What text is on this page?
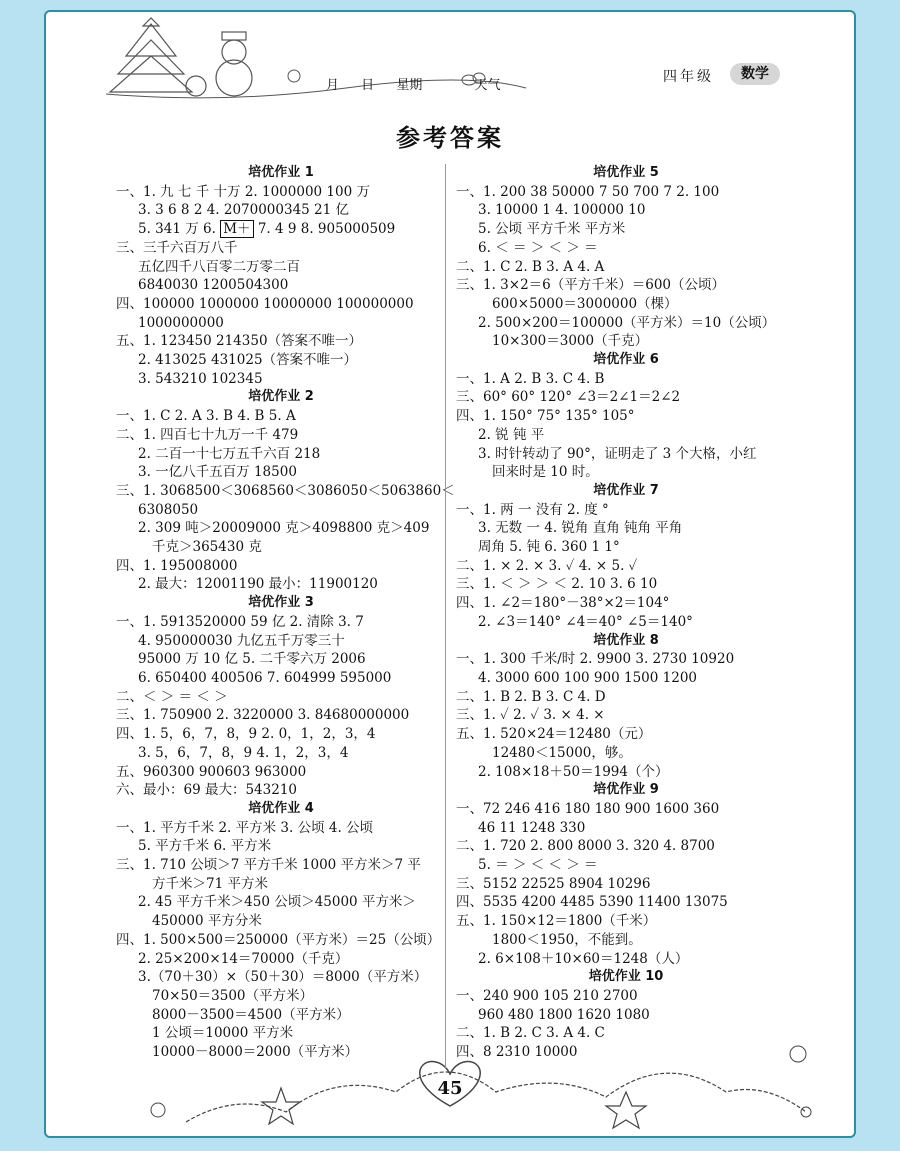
月 日 星期	天气
四年级	数学
参考答案
培优作业 1
一、1. 九 七 千 十万 2. 1000000 100 万
3. 3 6 8 2 4. 2070000345 21 亿
5. 341 万 6. M＋ 7. 4 9 8. 905000509
三、三千六百万八千
五亿四千八百零二万零二百
6840030 1200504300
四、100000 1000000 10000000 100000000
1000000000
五、1. 123450 214350（答案不唯一）
2. 413025 431025（答案不唯一）
3. 543210 102345
培优作业 2
一、1. C 2. A 3. B 4. B 5. A
二、1. 四百七十九万一千 479
2. 二百一十七万五千六百 218
3. 一亿八千五百万 18500
三、1. 3068500＜3068560＜3086050＜5063860＜
6308050
2. 309 吨＞20009000 克＞4098800 克＞409
千克＞365430 克
四、1. 195008000
2. 最大：12001190 最小：11900120
培优作业 3
一、1. 5913520000 59 亿 2. 清除 3. 7
4. 950000030 九亿五千万零三十
95000 万 10 亿 5. 二千零六万 2006
6. 650400 400506 7. 604999 595000
二、＜ ＞ ＝ ＜ ＞
三、1. 750900 2. 3220000 3. 84680000000
四、1. 5，6，7，8，9 2. 0，1，2，3，4
3. 5，6，7，8，9 4. 1，2，3，4
五、960300 900603 963000
六、最小：69 最大：543210
培优作业 4
一、1. 平方千米 2. 平方米 3. 公顷 4. 公顷
5. 平方千米 6. 平方米
三、1. 710 公顷＞7 平方千米 1000 平方米＞7 平
方千米＞71 平方米
2. 45 平方千米＞450 公顷＞45000 平方米＞
450000 平方分米
四、1. 500×500＝250000（平方米）＝25（公顷）
2. 25×200×14＝70000（千克）
3.（70＋30）×（50＋30）＝8000（平方米）
70×50＝3500（平方米）
8000－3500＝4500（平方米）
1 公顷＝10000 平方米
10000－8000＝2000（平方米）
培优作业 5
一、1. 200 38 50000 7 50 700 7 2. 100
3. 10000 1 4. 100000 10
5. 公顷 平方千米 平方米
6. ＜ ＝ ＞ ＜ ＞ ＝
二、1. C 2. B 3. A 4. A
三、1. 3×2＝6（平方千米）＝600（公顷）
600×5000＝3000000（棵）
2. 500×200＝100000（平方米）＝10（公顷）
10×300＝3000（千克）
培优作业 6
一、1. A 2. B 3. C 4. B
三、60° 60° 120° ∠3＝2∠1＝2∠2
四、1. 150° 75° 135° 105°
2. 锐 钝 平
3. 时针转动了 90°，证明走了 3 个大格，小红
回来时是 10 时。
培优作业 7
一、1. 两 一 没有 2. 度 °
3. 无数 一 4. 锐角 直角 钝角 平角
周角 5. 钝 6. 360 1 1°
二、1. × 2. × 3. ✓ 4. × 5. ✓
三、1. ＜ ＞ ＞ ＜ 2. 10 3. 6 10
四、1. ∠2＝180°－38°×2＝104°
2. ∠3＝140° ∠4＝40° ∠5＝140°
培优作业 8
一、1. 300 千米/时 2. 9900 3. 2730 10920
4. 3000 600 100 900 1500 1200
二、1. B 2. B 3. C 4. D
三、1. ✓ 2. ✓ 3. × 4. ×
五、1. 520×24＝12480（元）
12480＜15000，够。
2. 108×18＋50＝1994（个）
培优作业 9
一、72 246 416 180 180 900 1600 360
46 11 1248 330
二、1. 720 2. 800 8000 3. 320 4. 8700
5. ＝ ＞ ＜ ＜ ＞ ＝
三、5152 22525 8904 10296
四、5535 4200 4485 5390 11400 13075
五、1. 150×12＝1800（千米）
1800＜1950，不能到。
2. 6×108＋10×60＝1248（人）
培优作业 10
一、240 900 105 210 2700
960 480 1800 1620 1080
二、1. B 2. C 3. A 4. C
四、8 2310 10000
45
